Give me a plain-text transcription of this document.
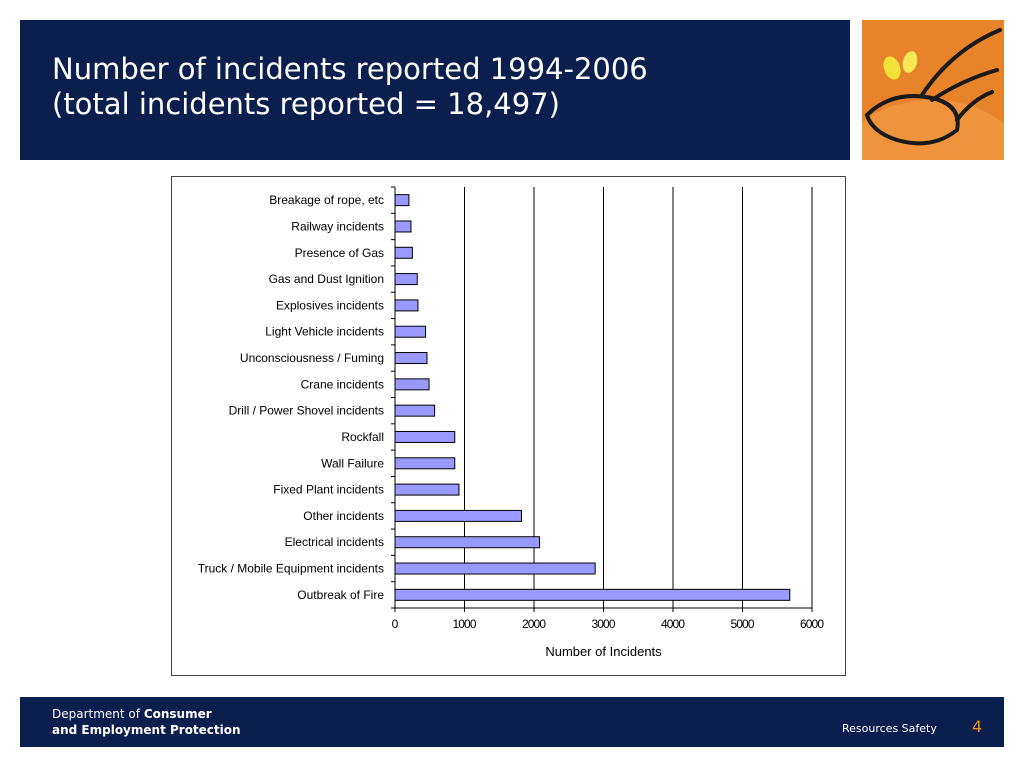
Number of incidents reported 1994-2006
(total incidents reported = 18,497)
0	1000	2000	3000	4000	5000	6000
Breakage of rope, etc
Railway incidents
Presence of Gas
Gas and Dust Ignition
Explosives incidents
Light Vehicle incidents
Unconsciousness / Fuming
Crane incidents
Drill / Power Shovel incidents
Rockfall
Wall Failure
Fixed Plant incidents
Other incidents
Electrical incidents
Truck / Mobile Equipment incidents
Outbreak of Fire
Number of Incidents
Department of Consumer
and Employment Protection	Resources Safety 4
